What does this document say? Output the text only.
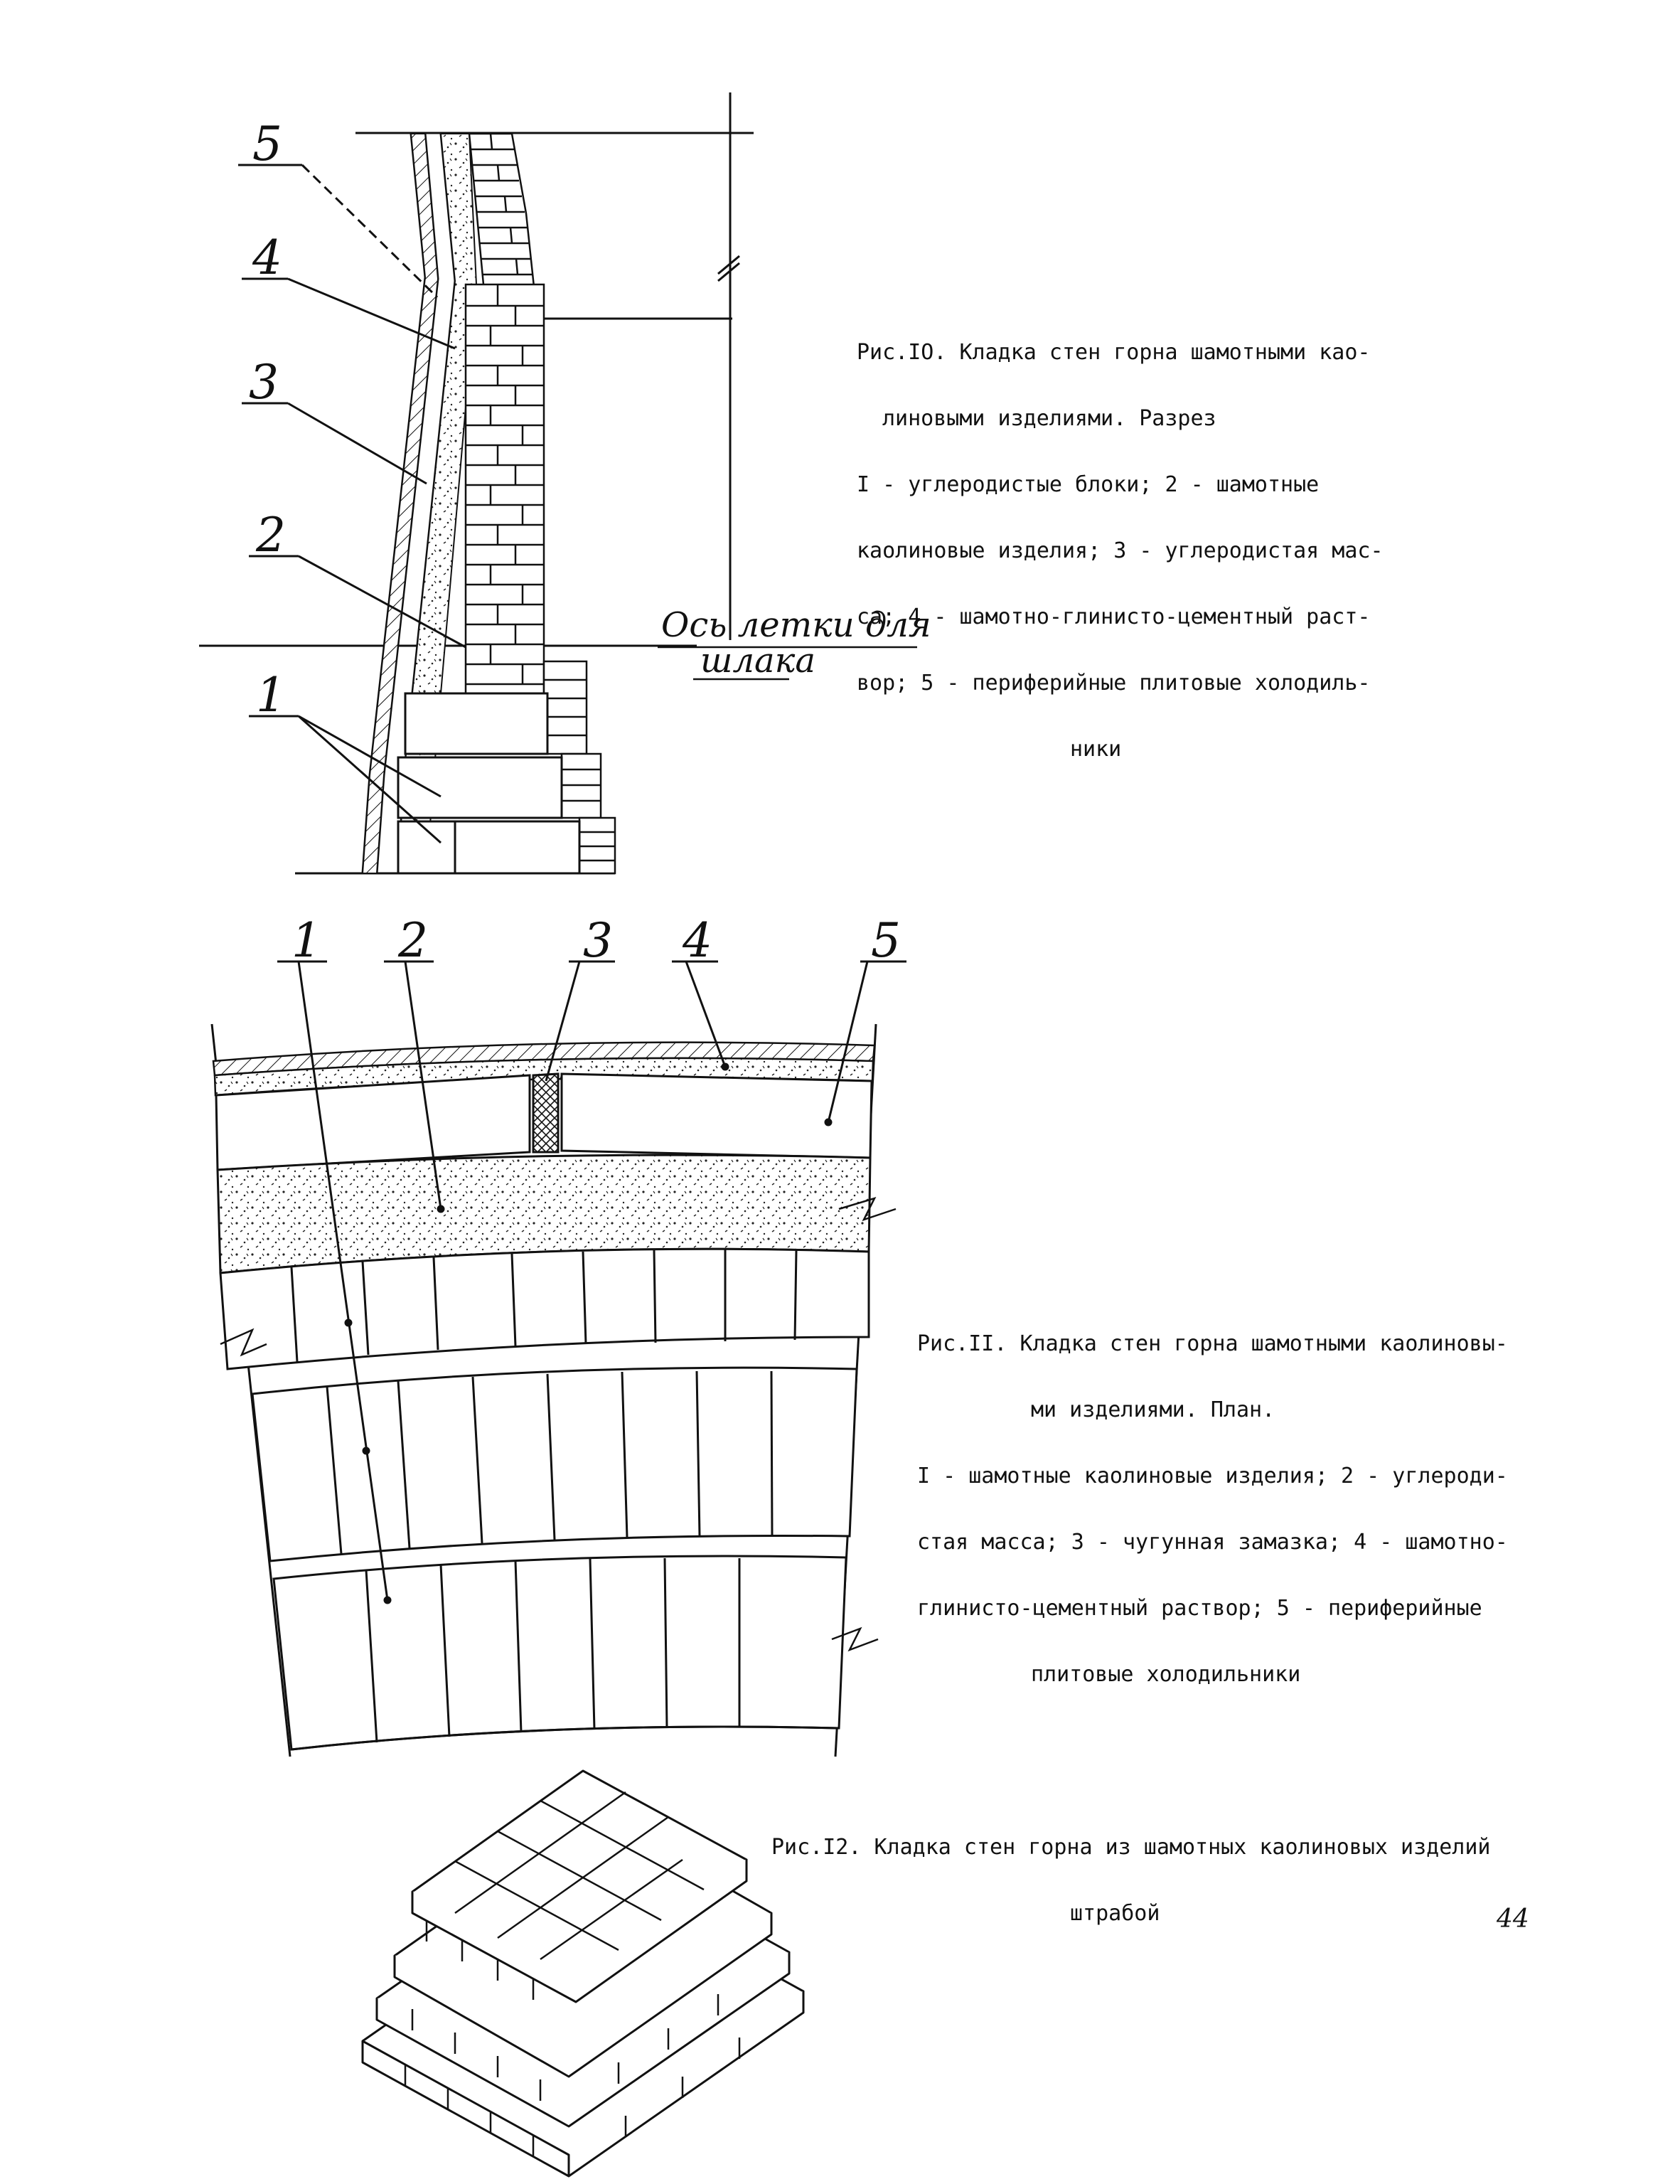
Ось летки для
шлака
5
4
3
2
1
1 2	3 4	5
44

Рис.IO. Кладка стен горна шамотными као-

линовыми изделиями. Разрез

I - углеродистые блоки; 2 - шамотные

каолиновые изделия; 3 - углеродистая мас-

са; 4 - шамотно-глинисто-цементный раст-

вор; 5 - периферийные плитовые холодиль-

ники

Рис.II. Кладка стен горна шамотными каолиновы-

ми изделиями. План.

I - шамотные каолиновые изделия; 2 - углероди-

стая масса; 3 - чугунная замазка; 4 - шамотно-

глинисто-цементный раствор; 5 - периферийные

плитовые холодильники

Рис.I2. Кладка стен горна из шамотных каолиновых изделий

штрабой
